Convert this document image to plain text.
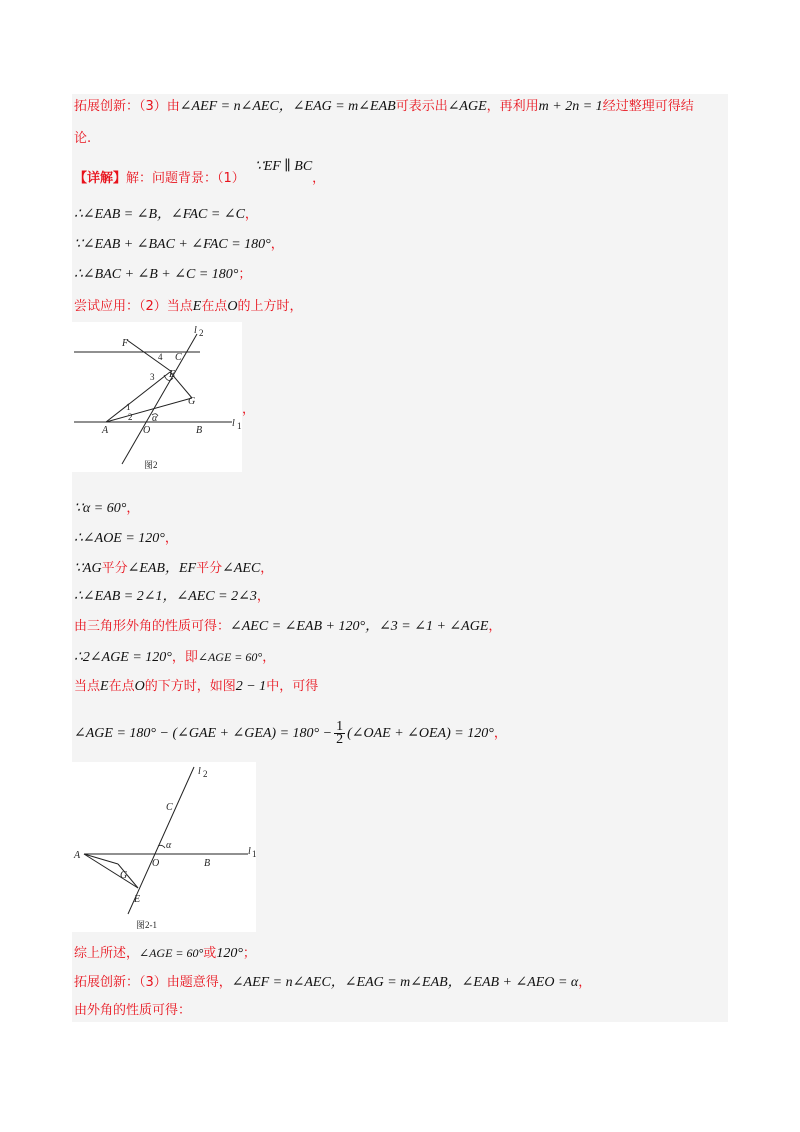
拓展创新：（3）由∠AEF = n∠AEC，∠EAG = m∠EAB可表示出∠AGE，再利用m + 2n = 1经过整理可得结
论.
【详解】解：问题背景：（1）∵EF ∥ BC，
∴∠EAB = ∠B，∠FAC = ∠C，
∵∠EAB + ∠BAC + ∠FAC = 180°，
∴∠BAC + ∠B + ∠C = 180°；
尝试应用：（2）当点E在点O的上方时，
F
C
l 2
4
3 E
G
1
2 α
A	O	B
l 1
图2
，
∵α = 60°，
∴∠AOE = 120°，
∵AG平分∠EAB，EF平分∠AEC，
∴∠EAB = 2∠1，∠AEC = 2∠3，
由三角形外角的性质可得：∠AEC = ∠EAB + 120°，∠3 = ∠1 + ∠AGE，
∴2∠AGE = 120°，即∠AGE = 60°，
当点E在点O的下方时，如图2 − 1中，可得
∠AGE = 180° − (∠GAE + ∠GEA) = $180^\circ - \frac{1}{2}$ (∠OAE + ∠OEA) = 120°，
l 2
C
α
A
O	B
l 1
G
E
图2-1
综上所述，∠AGE = 60°或120°；
拓展创新：（3）由题意得，∠AEF = n∠AEC，∠EAG = m∠EAB，∠EAB + ∠AEO = α，
由外角的性质可得：
